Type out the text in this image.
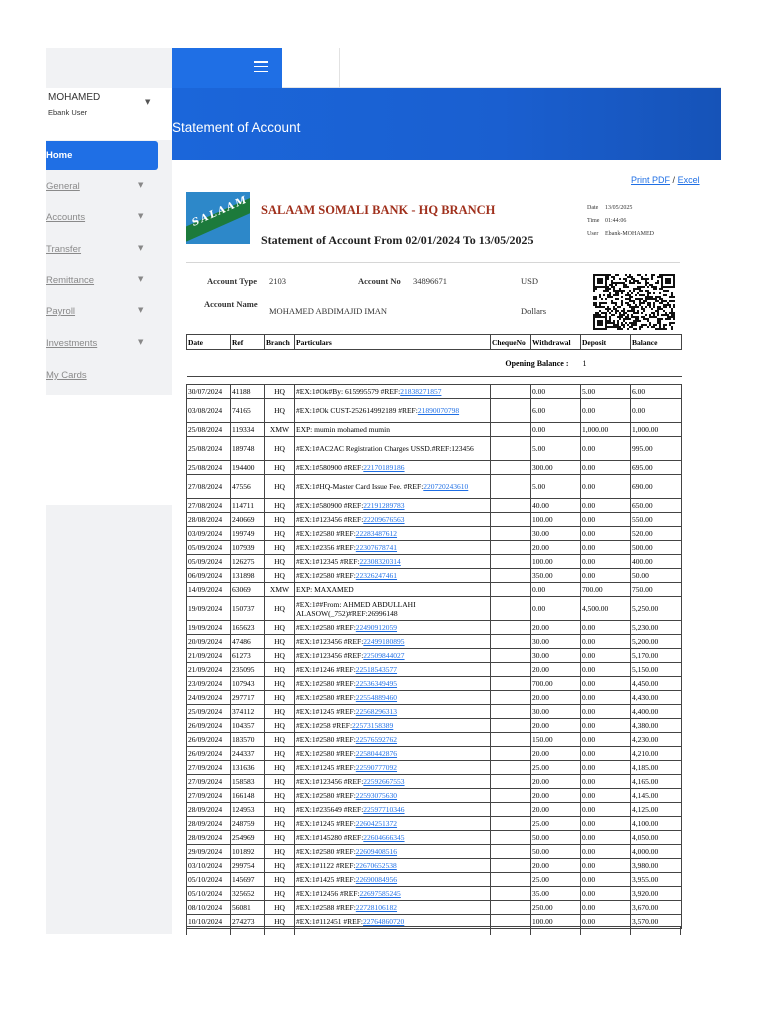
MOHAMED
Ebank User
▼
Home
General	▼
Accounts	▼
Transfer	▼
Remittance	▼
Payroll	▼
Investments	▼
My Cards
Statement of Account
Print PDF / Excel
SALAAM SALAAM SOMALI BANK - HQ BRANCH
Statement of Account From 02/01/2024 To 13/05/2025
Date 13/05/2025
Time 01:44:06
User Ebank-MOHAMED
Account Type 2103	Account No 34896671	USD
Account Name
MOHAMED ABDIMAJID IMAN	Dollars
Date	Ref	Branch	Particulars	ChequeNo	Withdrawal	Deposit	Balance
Opening Balance :						1	

30/07/2024	41188	HQ	#EX:1#Ok#By: 615995579 #REF:21838271857		0.00	5.00	6.00
03/08/2024	74165	HQ	#EX:1#Ok CUST-252614992189 #REF:21890070798		6.00	0.00	0.00
25/08/2024	119334	XMW	EXP: mumin mohamed mumin		0.00	1,000.00	1,000.00
25/08/2024	189748	HQ	#EX:1#AC2AC Registration Charges USSD.#REF:123456		5.00	0.00	995.00
25/08/2024	194400	HQ	#EX:1#580900 #REF:22170189186		300.00	0.00	695.00
27/08/2024	47556	HQ	#EX:1#HQ-Master Card Issue Fee. #REF:220720243610		5.00	0.00	690.00
27/08/2024	114711	HQ	#EX:1#580900 #REF:22191289783		40.00	0.00	650.00
28/08/2024	240669	HQ	#EX:1#123456 #REF:22209676563		100.00	0.00	550.00
03/09/2024	199749	HQ	#EX:1#2580 #REF:22283487612		30.00	0.00	520.00
05/09/2024	107939	HQ	#EX:1#2356 #REF:22307678741		20.00	0.00	500.00
05/09/2024	126275	HQ	#EX:1#12345 #REF:22308320314		100.00	0.00	400.00
06/09/2024	131898	HQ	#EX:1#2580 #REF:22326247461		350.00	0.00	50.00
14/09/2024	63069	XMW	EXP: MAXAMED		0.00	700.00	750.00
19/09/2024	150737	HQ	#EX:1##From: AHMED ABDULLAHI ALASOW(_752)#REF:26996148		0.00	4,500.00	5,250.00
19/09/2024	165623	HQ	#EX:1#2580 #REF:22490912059		20.00	0.00	5,230.00
20/09/2024	47486	HQ	#EX:1#123456 #REF:22499180895		30.00	0.00	5,200.00
21/09/2024	61273	HQ	#EX:1#123456 #REF:22509844027		30.00	0.00	5,170.00
21/09/2024	235095	HQ	#EX:1#1246 #REF:22518543577		20.00	0.00	5,150.00
23/09/2024	107943	HQ	#EX:1#2580 #REF:22536349495		700.00	0.00	4,450.00
24/09/2024	297717	HQ	#EX:1#2580 #REF:22554889460		20.00	0.00	4,430.00
25/09/2024	374112	HQ	#EX:1#1245 #REF:22568296313		30.00	0.00	4,400.00
26/09/2024	104357	HQ	#EX:1#258 #REF:22573158389		20.00	0.00	4,380.00
26/09/2024	183570	HQ	#EX:1#2580 #REF:22576592762		150.00	0.00	4,230.00
26/09/2024	244337	HQ	#EX:1#2580 #REF:22580442876		20.00	0.00	4,210.00
27/09/2024	131636	HQ	#EX:1#1245 #REF:22590777092		25.00	0.00	4,185.00
27/09/2024	158583	HQ	#EX:1#123456 #REF:22592667553		20.00	0.00	4,165.00
27/09/2024	166148	HQ	#EX:1#2580 #REF:22593075630		20.00	0.00	4,145.00
28/09/2024	124953	HQ	#EX:1#235649 #REF:22597710346		20.00	0.00	4,125.00
28/09/2024	248759	HQ	#EX:1#1245 #REF:22604251372		25.00	0.00	4,100.00
28/09/2024	254969	HQ	#EX:1#145280 #REF:22604666345		50.00	0.00	4,050.00
29/09/2024	101892	HQ	#EX:1#2580 #REF:22609408516		50.00	0.00	4,000.00
03/10/2024	299754	HQ	#EX:1#1122 #REF:22670652538		20.00	0.00	3,980.00
05/10/2024	145697	HQ	#EX:1#1425 #REF:22690084956		25.00	0.00	3,955.00
05/10/2024	325652	HQ	#EX:1#12456 #REF:22697585245		35.00	0.00	3,920.00
08/10/2024	56081	HQ	#EX:1#2588 #REF:22728106182		250.00	0.00	3,670.00
10/10/2024	274273	HQ	#EX:1#112451 #REF:22764860720		100.00	0.00	3,570.00
